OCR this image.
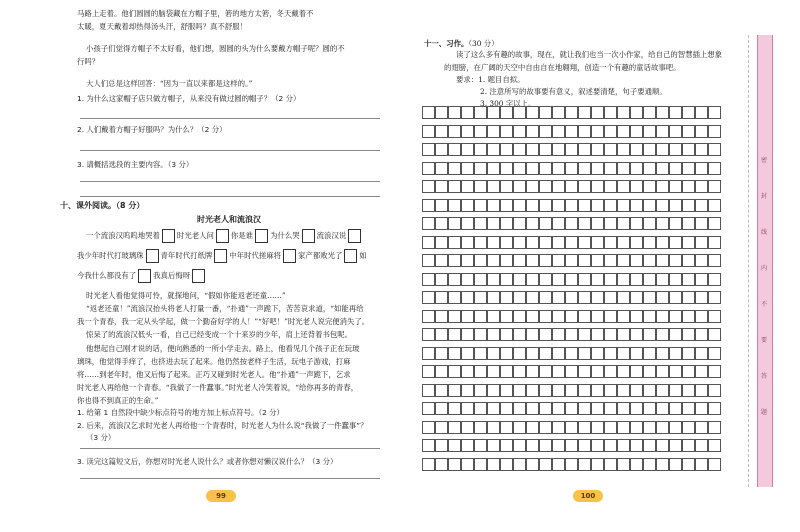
马路上走着。他们圆圆的脑袋藏在方帽子里，箬的地方太箬，冬天戴着不
太暖，夏天戴着却热得汤头汗，舒服吗？真不舒服！
小孩子们觉得方帽子不太好看，他们想，圆圆的头为什么要戴方帽子呢？圆的不
行吗？
大人们总是这样回答：“因为一直以来都是这样的。”
1. 为什么这家帽子店只做方帽子，从来没有做过圆的帽子？（2 分）
2. 人们戴着方帽子好服吗？为什么？（2 分）
3. 请概括选段的主要内容。（3 分）
十、课外阅读。（8 分）
时光老人和流浪汉
一个流浪汉呜呜地哭着 时光老人问 你是谁 为什么哭 流浪汉说
我少年时代打玻璃珠 青年时代打纸牌 中年时代搓麻将 家产都败光了 如
今我什么都没有了 我真后悔呀
时光老人看他觉得可怜，就探地问，“假如你能返老还童……”
“返老还童！”流浪汉抬头将老人打量一番，“扑通”一声跪下，苦苦哀求道，“如能再给
我一个青春，我一定从头学起，做一个勤奋好学的人！”“好吧！”时光老人说完便消失了。
惊呆了的流浪汉低头一看，自己已经变成一个十来岁的少年，肩上还背着书包呢。
他想起自己刚才说的话，便向熟悉的一所小学走去。路上，他看见几个孩子正在玩玻
璃珠，他觉得手痒了，也挤进去玩了起来。他仍然按老样子生活，玩电子游戏，打麻
将……到老年时，他又后悔了起来。正巧又碰到时光老人。他“扑通”一声跪下，乞求
时光老人再给他一个青春。“我做了一件蠢事。”时光老人冷笑着说，“给你再多的青春，
你也得不到真正的生命。”
1. 给第 1 自然段中缺少标点符号的地方加上标点符号。（2 分）
2. 后来，流浪汉乞求时光老人再给他一个青春时，时光老人为什么说“我做了一件蠢事”？
（3 分）
3. 读完这篇短文后，你想对时光老人说什么？或者你想对懒汉说什么？（3 分）
99
十一、习作。（30 分）
读了这么多有趣的故事，现在，就让我们也当一次小作家，给自己的智慧插上想象
的翅膀，在广阔的天空中自由自在地翱翔，创造一个有趣的童话故事吧。
要求：1. 题目自拟。
2. 注意所写的故事要有意义，叙述要清楚，句子要通顺。
3. 300 字以上。
100
密
封
线
内
不
要
答
题
